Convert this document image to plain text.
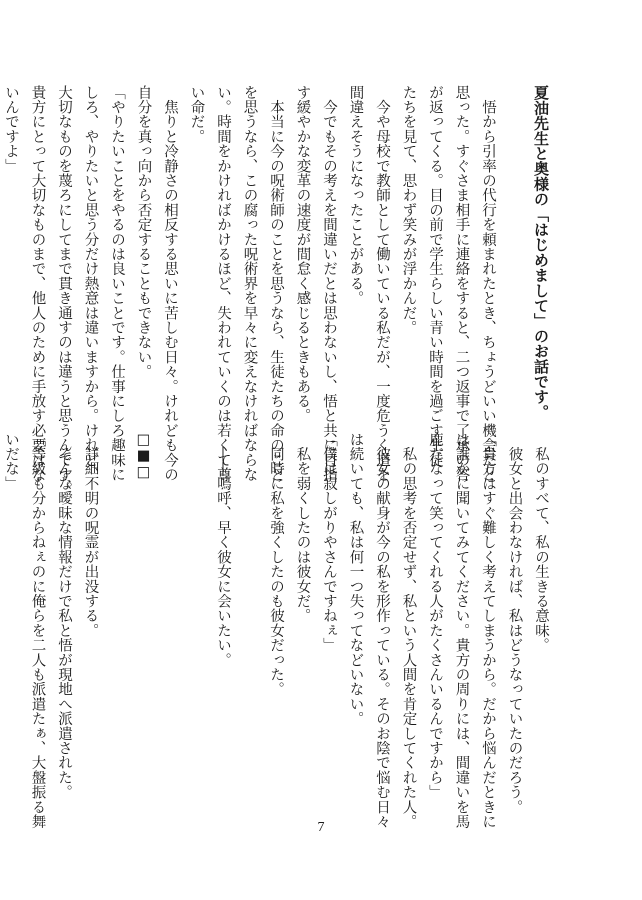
夏油先生と奥様の「はじめまして」のお話です。
　悟から引率の代行を頼まれたとき、ちょうどいい機会だと
思った。すぐさま相手に連絡をすると、二つ返事で了承の答
が返ってくる。目の前で学生らしい青い時間を過ごす生徒
たちを見て、思わず笑みが浮かんだ。
　今や母校で教師として働いている私だが、一度危うく道を
間違えそうになったことがある。
　今でもその考えを間違いだとは思わないし、悟と共に目指
す緩やかな変革の速度が間怠く感じるときもある。
　本当に今の呪術師のことを思うなら、生徒たちの命のこと
を思うなら、この腐った呪術界を早々に変えなければならな
い。時間をかければかけるほど、失われていくのは若くて尊
い命だ。
　焦りと冷静さの相反する思いに苦しむ日々。けれども今の
自分を真っ向から否定することもできない。
「やりたいことをやるのは良いことです。仕事にしろ趣味に
しろ、やりたいと思う分だけ熱意は違いますから。けれど、
大切なものを蔑ろにしてまで貫き通すのは違うと思うんです。
貴方にとって大切なものまで、他人のために手放す必要はな
いんですよ」
　私のすべて、私の生きる意味。
　彼女と出会わなければ、私はどうなっていたのだろう。
「貴方はすぐ難しく考えてしまうから。だから悩んだときに
は誰かに聞いてみてください。貴方の周りには、間違いを馬
鹿だなって笑ってくれる人がたくさんいるんですから」
　私の思考を否定せず、私という人間を肯定してくれた人。
　彼女の献身が今の私を形作っている。そのお陰で悩む日々
は続いても、私は何一つ失ってなどいない。
「僕は寂しがりやさんですねぇ」
　私を弱くしたのは彼女だ。
　同時に私を強くしたのも彼女だった。
　――嗚呼、早く彼女に会いたい。
□■□
　詳細不明の呪霊が出没する。
　そんな曖昧な情報だけで私と悟が現地へ派遣された。
「等級も分からねぇのに俺らを二人も派遣たぁ、大盤振る舞
いだな」
7
